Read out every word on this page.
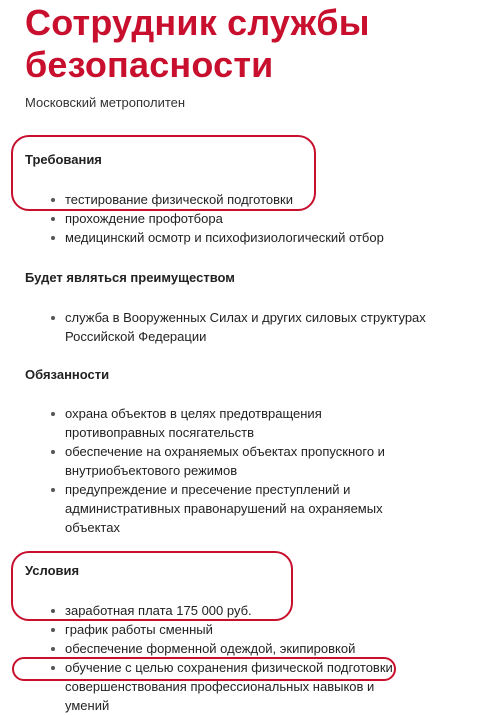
Сотрудник службы безопасности
Московский метрополитен
Требования
тестирование физической подготовки
прохождение профотбора
медицинский осмотр и психофизиологический отбор
Будет являться преимуществом
служба в Вооруженных Силах и других силовых структурах Российской Федерации
Обязанности
охрана объектов в целях предотвращения противоправных посягательств
обеспечение на охраняемых объектах пропускного и внутриобъектового режимов
предупреждение и пресечение преступлений и административных правонарушений на охраняемых объектах
Условия
заработная плата 175 000 руб.
график работы сменный
обеспечение форменной одеждой, экипировкой
обучение с целью сохранения физической подготовки, совершенствования профессиональных навыков и умений
